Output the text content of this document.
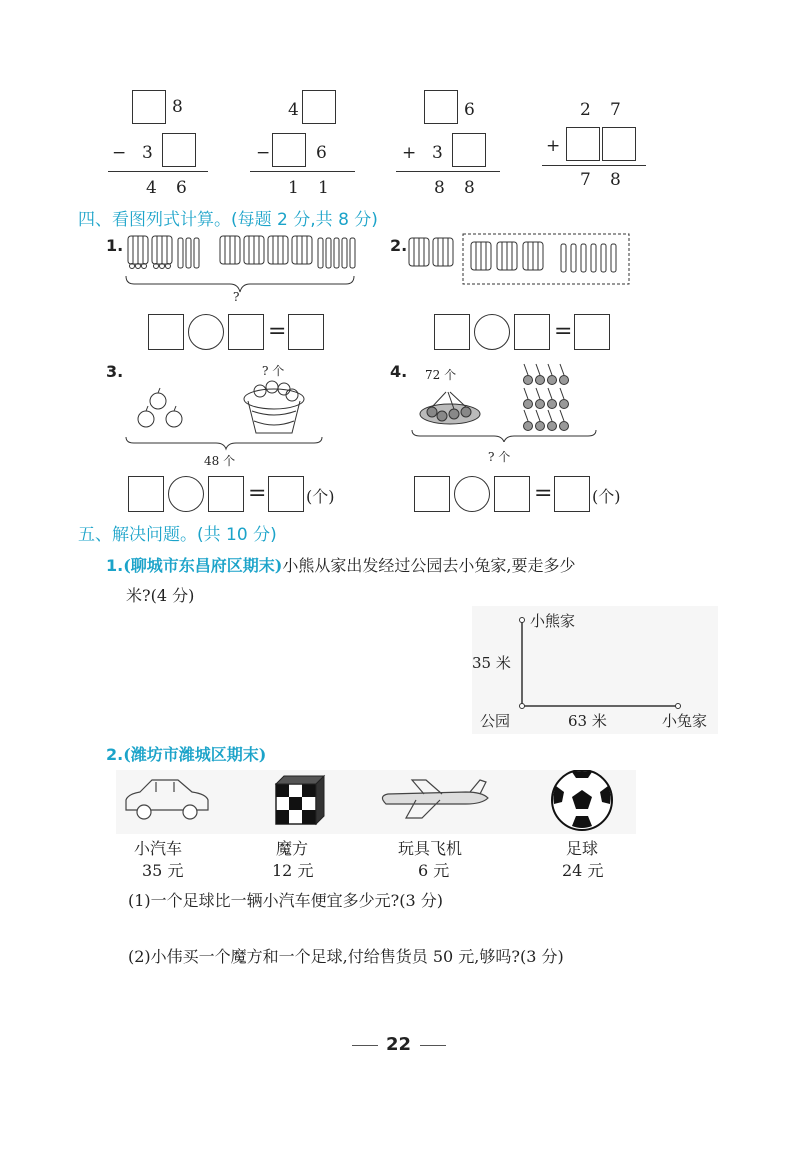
8
− 3
4 6
4
−	6
1 1
6
+ 3
8 8
2 7
+
7 8
四、看图列式计算。(每题 2 分,共 8 分)
1.
?
=
2.
=
3.	? 个
48 个
= (个)
4. 72 个
? 个
= (个)
五、解决问题。(共 10 分)
1.(聊城市东昌府区期末)小熊从家出发经过公园去小兔家,要走多少
米?(4 分)
小熊家
35 米
公园	63 米	小兔家
2.(潍坊市潍城区期末)
小汽车
35 元
魔方
12 元
玩具飞机
6 元
足球
24 元
(1)一个足球比一辆小汽车便宜多少元?(3 分)
(2)小伟买一个魔方和一个足球,付给售货员 50 元,够吗?(3 分)
22
